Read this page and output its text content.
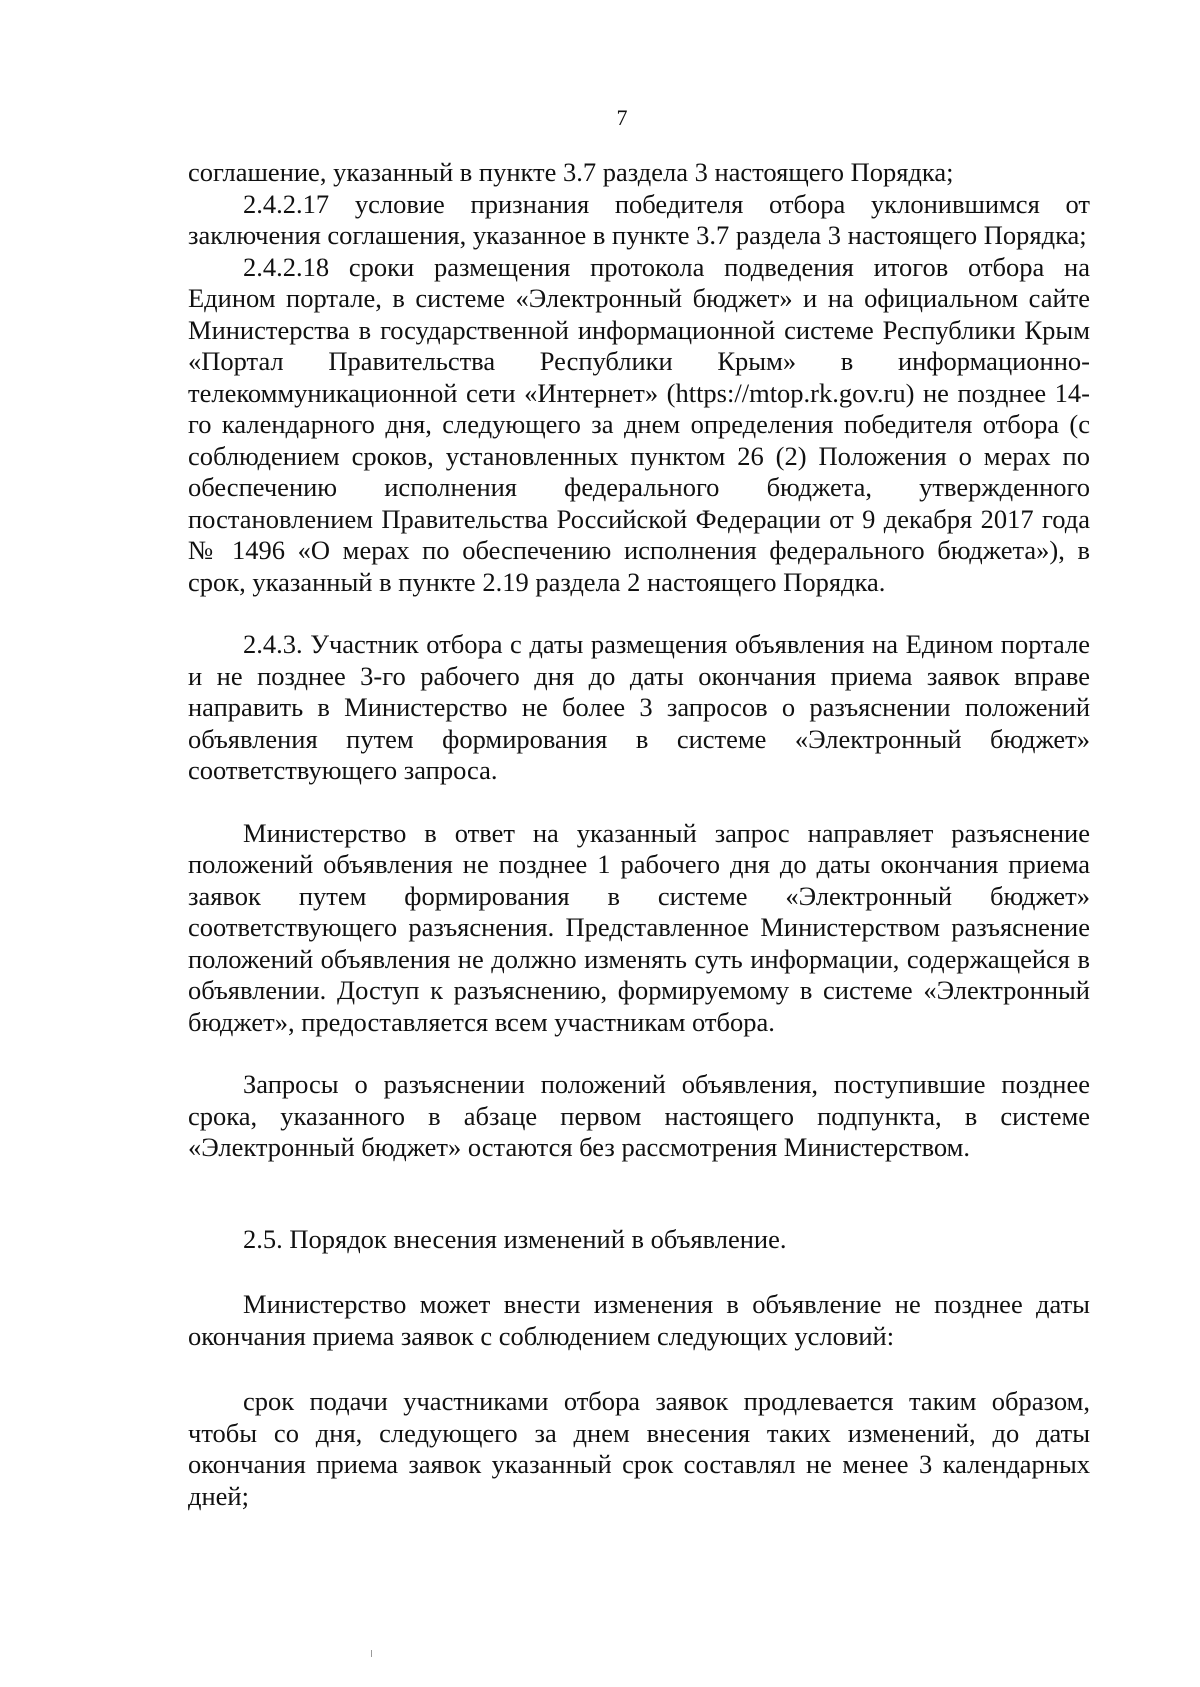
7

соглашение, указанный в пункте 3.7 раздела 3 настоящего Порядка;

2.4.2.17 условие признания победителя отбора уклонившимся от заключения соглашения, указанное в пункте 3.7 раздела 3 настоящего Порядка;

2.4.2.18 сроки размещения протокола подведения итогов отбора на Едином портале, в системе «Электронный бюджет» и на официальном сайте Министерства в государственной информационной системе Республики Крым «Портал Правительства Республики Крым» в информационно-телекоммуникационной сети «Интернет» (https://mtop.rk.gov.ru) не позднее 14-го календарного дня, следующего за днем определения победителя отбора (с соблюдением сроков, установленных пунктом 26 (2) Положения о мерах по обеспечению исполнения федерального бюджета, утвержденного постановлением Правительства Российской Федерации от 9 декабря 2017 года № 1496 «О мерах по обеспечению исполнения федерального бюджета»), в срок, указанный в пункте 2.19 раздела 2 настоящего Порядка.

2.4.3. Участник отбора с даты размещения объявления на Едином портале и не позднее 3-го рабочего дня до даты окончания приема заявок вправе направить в Министерство не более 3 запросов о разъяснении положений объявления путем формирования в системе «Электронный бюджет» соответствующего запроса.

Министерство в ответ на указанный запрос направляет разъяснение положений объявления не позднее 1 рабочего дня до даты окончания приема заявок путем формирования в системе «Электронный бюджет» соответствующего разъяснения. Представленное Министерством разъяснение положений объявления не должно изменять суть информации, содержащейся в объявлении. Доступ к разъяснению, формируемому в системе «Электронный бюджет», предоставляется всем участникам отбора.

Запросы о разъяснении положений объявления, поступившие позднее срока, указанного в абзаце первом настоящего подпункта, в системе «Электронный бюджет» остаются без рассмотрения Министерством.

2.5. Порядок внесения изменений в объявление.

Министерство может внести изменения в объявление не позднее даты окончания приема заявок с соблюдением следующих условий:

срок подачи участниками отбора заявок продлевается таким образом, чтобы со дня, следующего за днем внесения таких изменений, до даты окончания приема заявок указанный срок составлял не менее 3 календарных дней;
